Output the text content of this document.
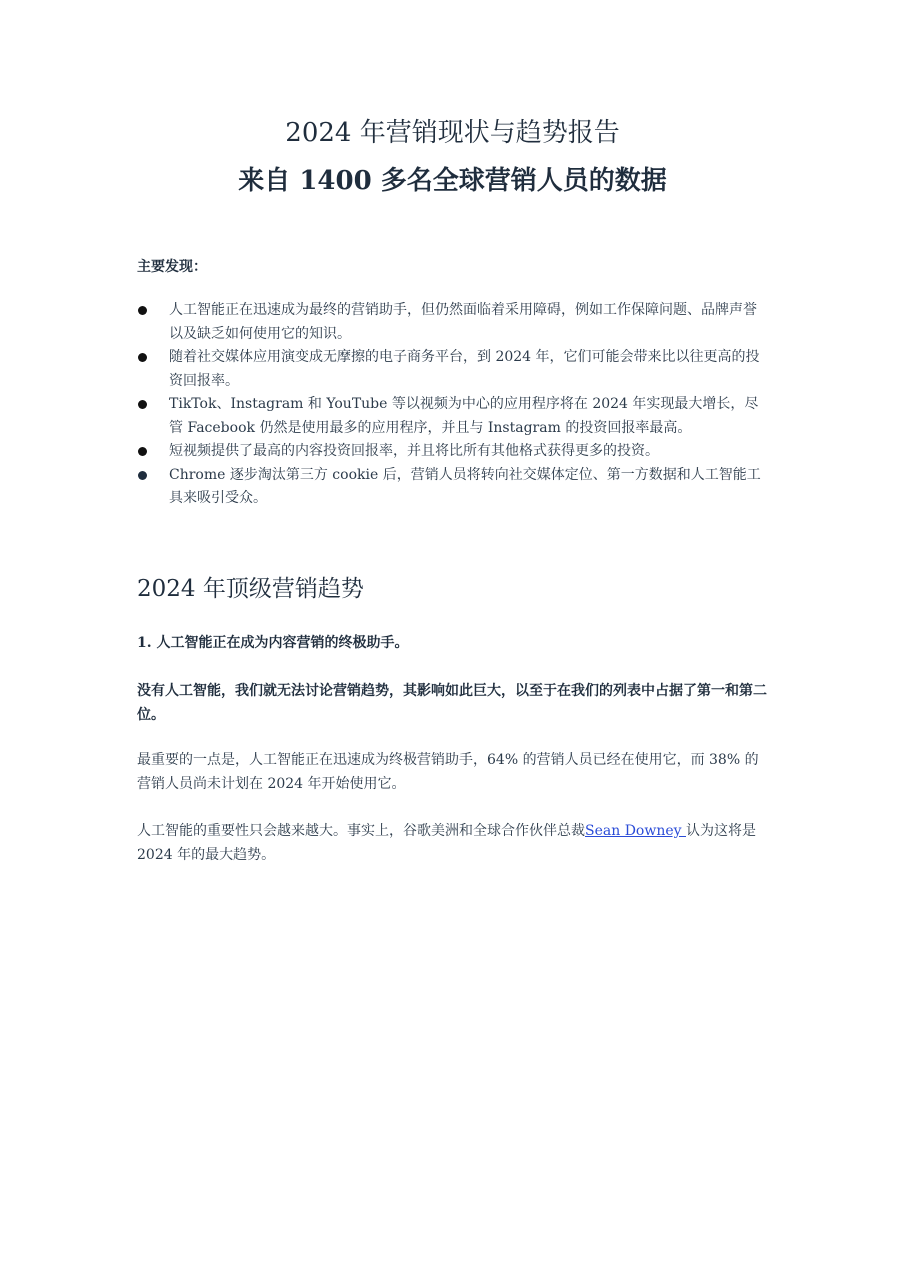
2024 年营销现状与趋势报告
来自 1400 多名全球营销人员的数据
主要发现：
人工智能正在迅速成为最终的营销助手，但仍然面临着采用障碍，例如工作保障问题、品牌声誉以及缺乏如何使用它的知识。
随着社交媒体应用演变成无摩擦的电子商务平台，到 2024 年，它们可能会带来比以往更高的投资回报率。
TikTok、Instagram 和 YouTube 等以视频为中心的应用程序将在 2024 年实现最大增长，尽管 Facebook 仍然是使用最多的应用程序，并且与 Instagram 的投资回报率最高。
短视频提供了最高的内容投资回报率，并且将比所有其他格式获得更多的投资。
Chrome 逐步淘汰第三方 cookie 后，营销人员将转向社交媒体定位、第一方数据和人工智能工具来吸引受众。
2024 年顶级营销趋势
1. 人工智能正在成为内容营销的终极助手。

没有人工智能，我们就无法讨论营销趋势，其影响如此巨大，以至于在我们的列表中占据了第一和第二位。

最重要的一点是，人工智能正在迅速成为终极营销助手，64% 的营销人员已经在使用它，而 38% 的营销人员尚未计划在 2024 年开始使用它。

人工智能的重要性只会越来越大。事实上，谷歌美洲和全球合作伙伴总裁Sean Downey 认为这将是 2024 年的最大趋势。
